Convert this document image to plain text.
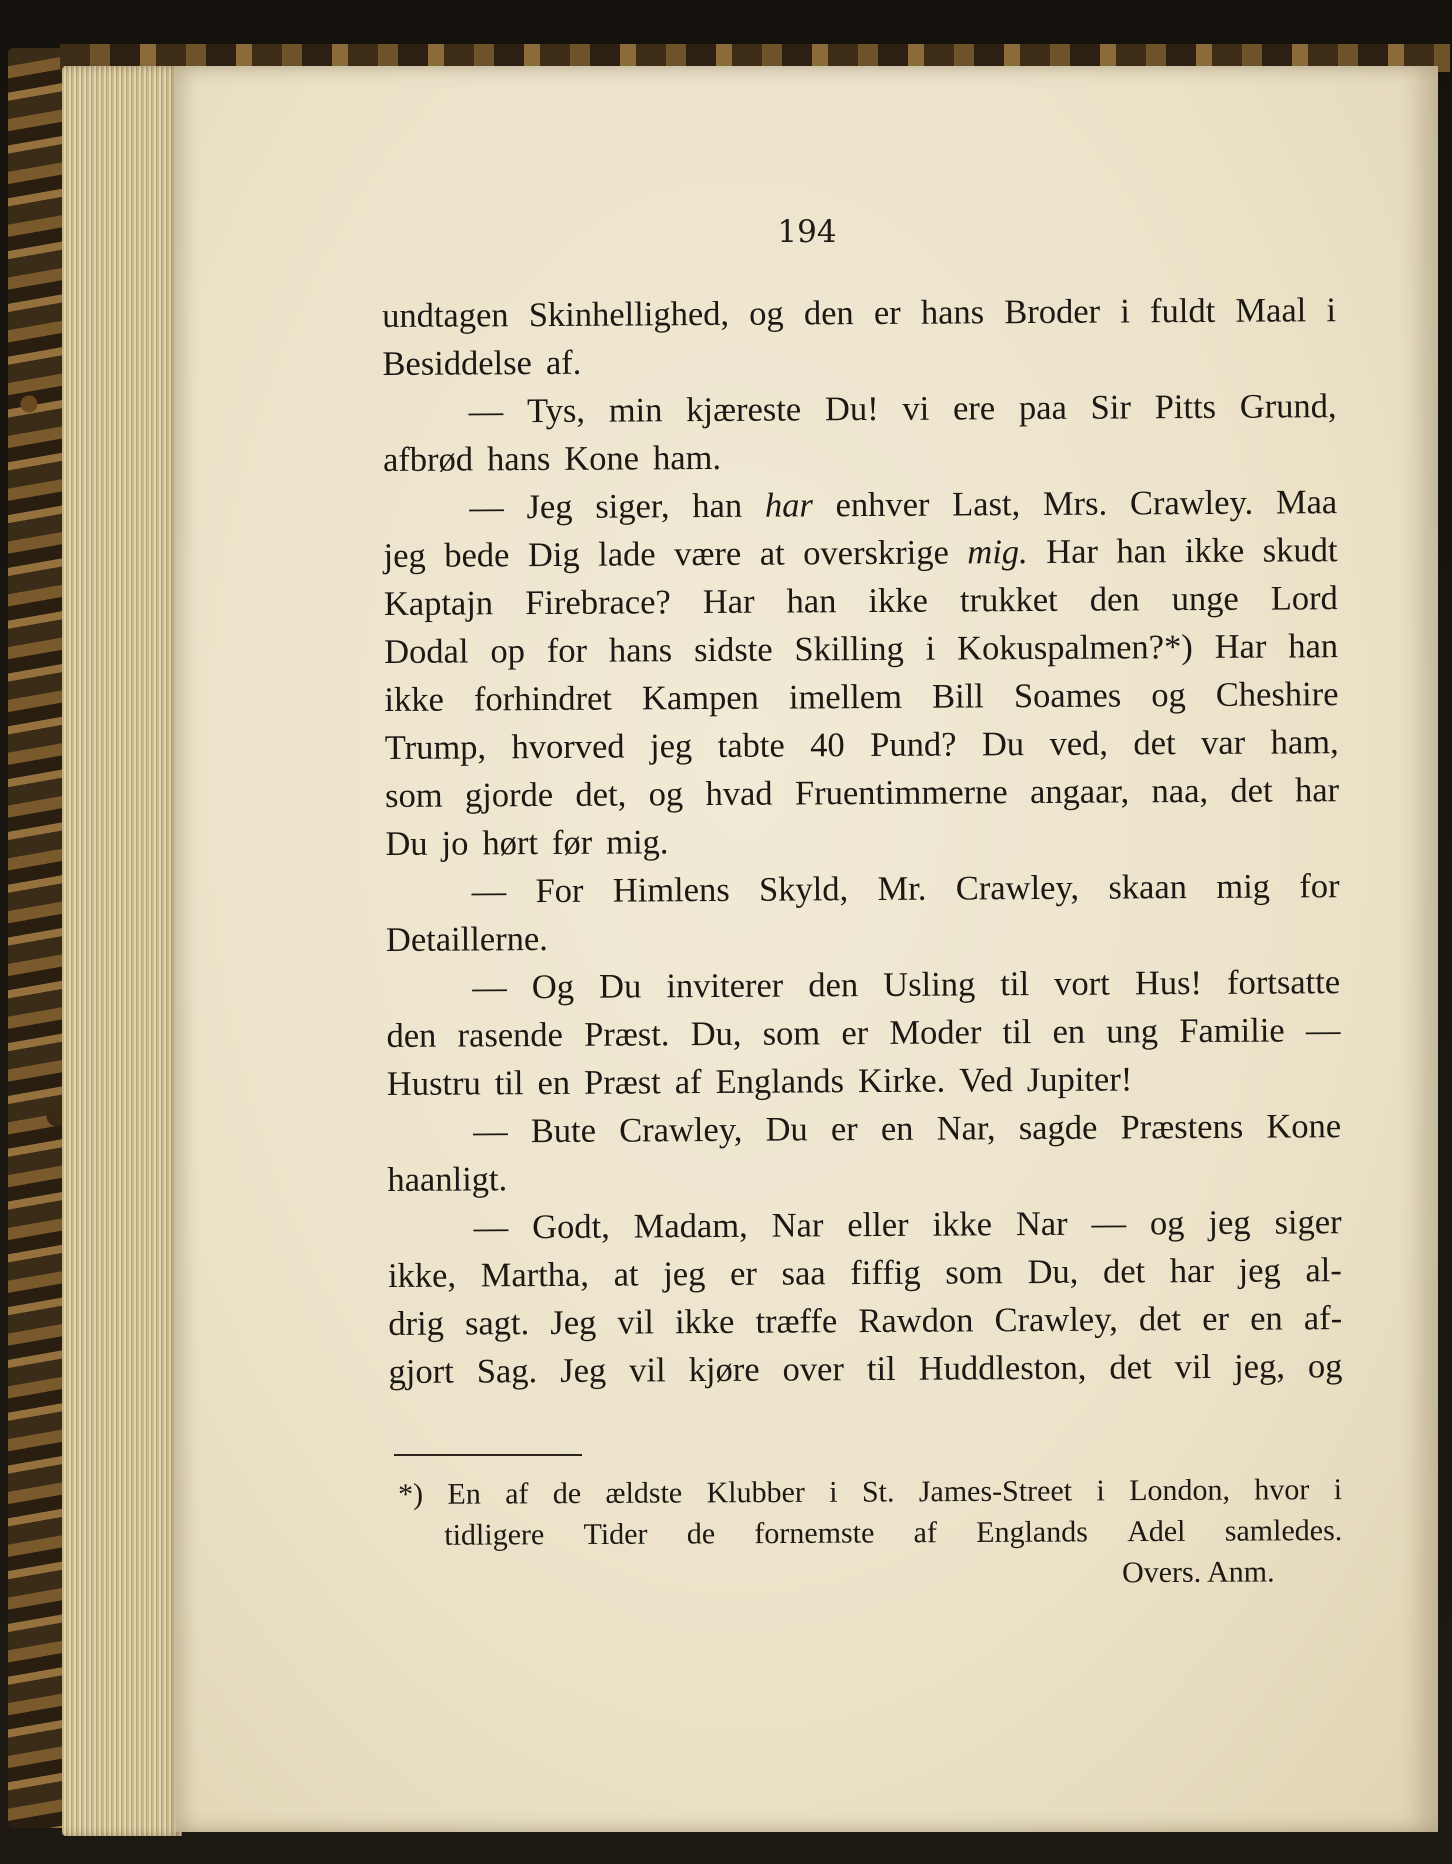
194
undtagen Skinhellighed, og den er hans Broder i fuldt Maal i
Besiddelse af.
— Tys, min kjæreste Du! vi ere paa Sir Pitts Grund,
afbrød hans Kone ham.
— Jeg siger, han har enhver Last, Mrs. Crawley. Maa
jeg bede Dig lade være at overskrige mig. Har han ikke skudt
Kaptajn Firebrace? Har han ikke trukket den unge Lord
Dodal op for hans sidste Skilling i Kokuspalmen?*) Har han
ikke forhindret Kampen imellem Bill Soames og Cheshire
Trump, hvorved jeg tabte 40 Pund? Du ved, det var ham,
som gjorde det, og hvad Fruentimmerne angaar, naa, det har
Du jo hørt før mig.
— For Himlens Skyld, Mr. Crawley, skaan mig for
Detaillerne.
— Og Du inviterer den Usling til vort Hus! fortsatte
den rasende Præst. Du, som er Moder til en ung Familie —
Hustru til en Præst af Englands Kirke. Ved Jupiter!
— Bute Crawley, Du er en Nar, sagde Præstens Kone
haanligt.
— Godt, Madam, Nar eller ikke Nar — og jeg siger
ikke, Martha, at jeg er saa fiffig som Du, det har jeg al-
drig sagt. Jeg vil ikke træffe Rawdon Crawley, det er en af-
gjort Sag. Jeg vil kjøre over til Huddleston, det vil jeg, og
*) En af de ældste Klubber i St. James-Street i London, hvor i
tidligere Tider de fornemste af Englands Adel samledes.
Overs. Anm.
